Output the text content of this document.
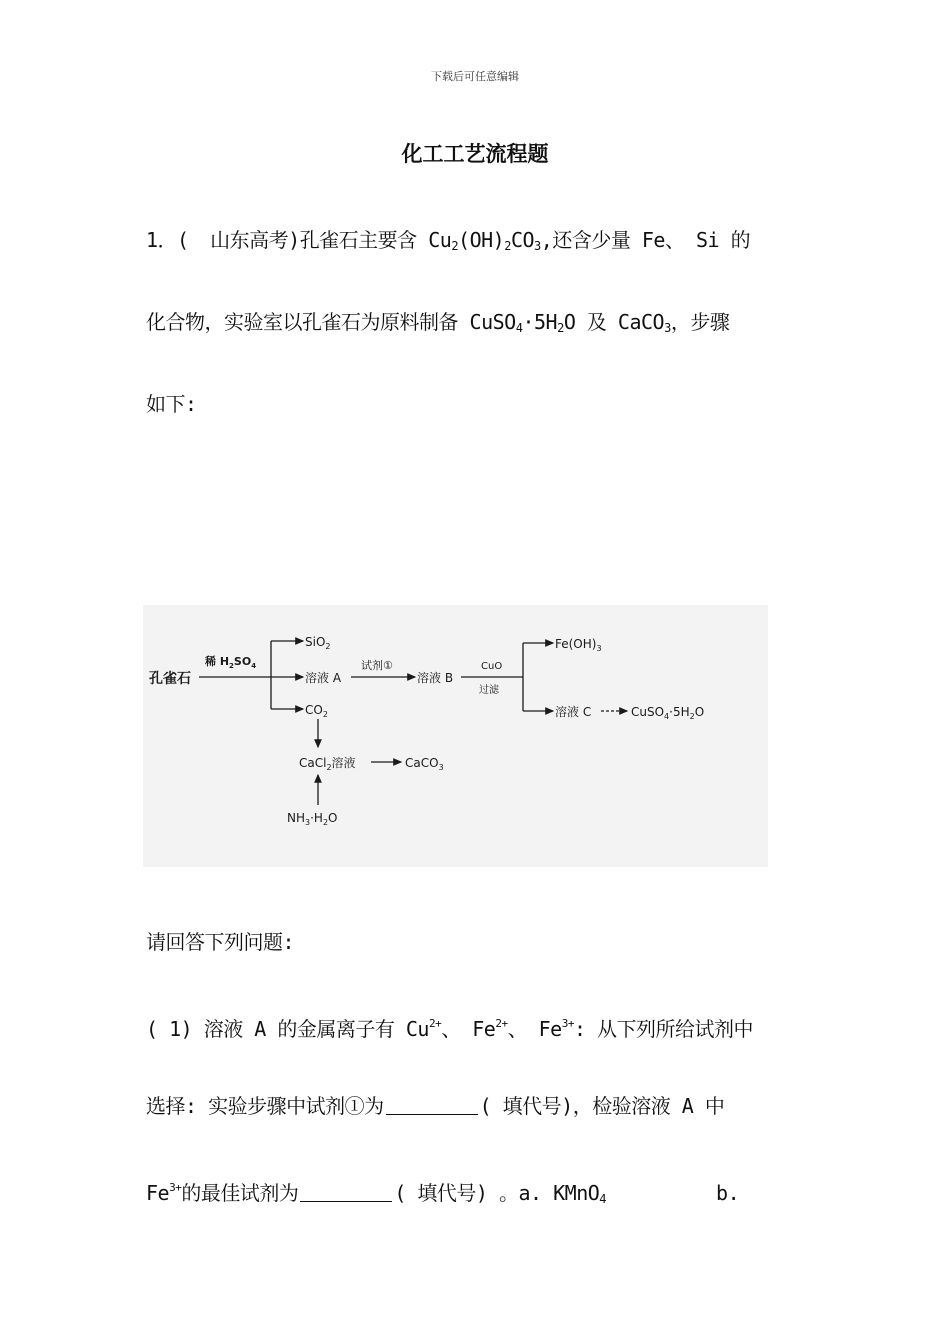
下载后可任意编辑
化工工艺流程题
1．( 山东高考)孔雀石主要含 $Cu_2(OH)_2CO_3$,还含少量 Fe、 Si 的
化合物，实验室以孔雀石为原料制备 $CuSO_4\cdot 5H_2O$ 及 CaCO$_3$，步骤
如下:
孔雀石
稀 $H_2SO_4$
SiO$_2$
溶液 A
$CO_2$
试剂①
溶液 B
CuO
过滤
$Fe(OH)_3$
溶液 C	$CuSO_4\cdot 5H_2O$
CaCl$_2$溶液	CaCO$_3$
$NH_3\cdot H_2O$
请回答下列问题:
( 1) 溶液 A 的金属离子有 $Cu^{2+}$、 $Fe^{2+}$、 $Fe^{3+}$: 从下列所给试剂中
选择: 实验步骤中试剂①为	( 填代号)，检验溶液 A 中
$Fe^{3+}$的最佳试剂为	( 填代号) 。a. KMnO$_4$	b.
